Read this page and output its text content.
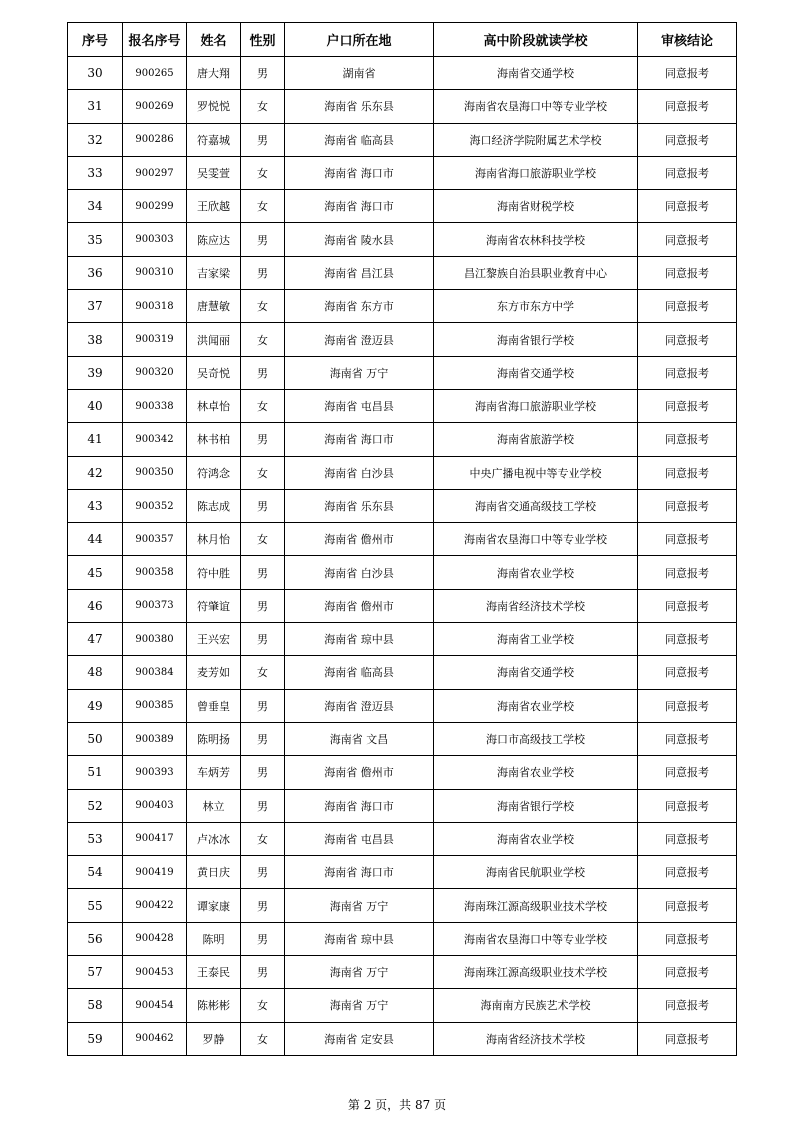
序号	报名序号	姓名	性别	户口所在地	高中阶段就读学校	审核结论
30	900265	唐大翔	男	湖南省	海南省交通学校	同意报考
31	900269	罗悦悦	女	海南省 乐东县	海南省农垦海口中等专业学校	同意报考
32	900286	符嘉城	男	海南省 临高县	海口经济学院附属艺术学校	同意报考
33	900297	吴雯萱	女	海南省 海口市	海南省海口旅游职业学校	同意报考
34	900299	王欣越	女	海南省 海口市	海南省财税学校	同意报考
35	900303	陈应达	男	海南省 陵水县	海南省农林科技学校	同意报考
36	900310	吉家梁	男	海南省 昌江县	昌江黎族自治县职业教育中心	同意报考
37	900318	唐慧敏	女	海南省 东方市	东方市东方中学	同意报考
38	900319	洪闻丽	女	海南省 澄迈县	海南省银行学校	同意报考
39	900320	吴奇悦	男	海南省 万宁	海南省交通学校	同意报考
40	900338	林卓怡	女	海南省 屯昌县	海南省海口旅游职业学校	同意报考
41	900342	林书柏	男	海南省 海口市	海南省旅游学校	同意报考
42	900350	符鸿念	女	海南省 白沙县	中央广播电视中等专业学校	同意报考
43	900352	陈志成	男	海南省 乐东县	海南省交通高级技工学校	同意报考
44	900357	林月怡	女	海南省 儋州市	海南省农垦海口中等专业学校	同意报考
45	900358	符中胜	男	海南省 白沙县	海南省农业学校	同意报考
46	900373	符肇谊	男	海南省 儋州市	海南省经济技术学校	同意报考
47	900380	王兴宏	男	海南省 琼中县	海南省工业学校	同意报考
48	900384	麦芳如	女	海南省 临高县	海南省交通学校	同意报考
49	900385	曾垂皇	男	海南省 澄迈县	海南省农业学校	同意报考
50	900389	陈明扬	男	海南省 文昌	海口市高级技工学校	同意报考
51	900393	车炳芳	男	海南省 儋州市	海南省农业学校	同意报考
52	900403	林立	男	海南省 海口市	海南省银行学校	同意报考
53	900417	卢冰冰	女	海南省 屯昌县	海南省农业学校	同意报考
54	900419	黄日庆	男	海南省 海口市	海南省民航职业学校	同意报考
55	900422	谭家康	男	海南省 万宁	海南珠江源高级职业技术学校	同意报考
56	900428	陈明	男	海南省 琼中县	海南省农垦海口中等专业学校	同意报考
57	900453	王泰民	男	海南省 万宁	海南珠江源高级职业技术学校	同意报考
58	900454	陈彬彬	女	海南省 万宁	海南南方民族艺术学校	同意报考
59	900462	罗静	女	海南省 定安县	海南省经济技术学校	同意报考
第 2 页，共 87 页
